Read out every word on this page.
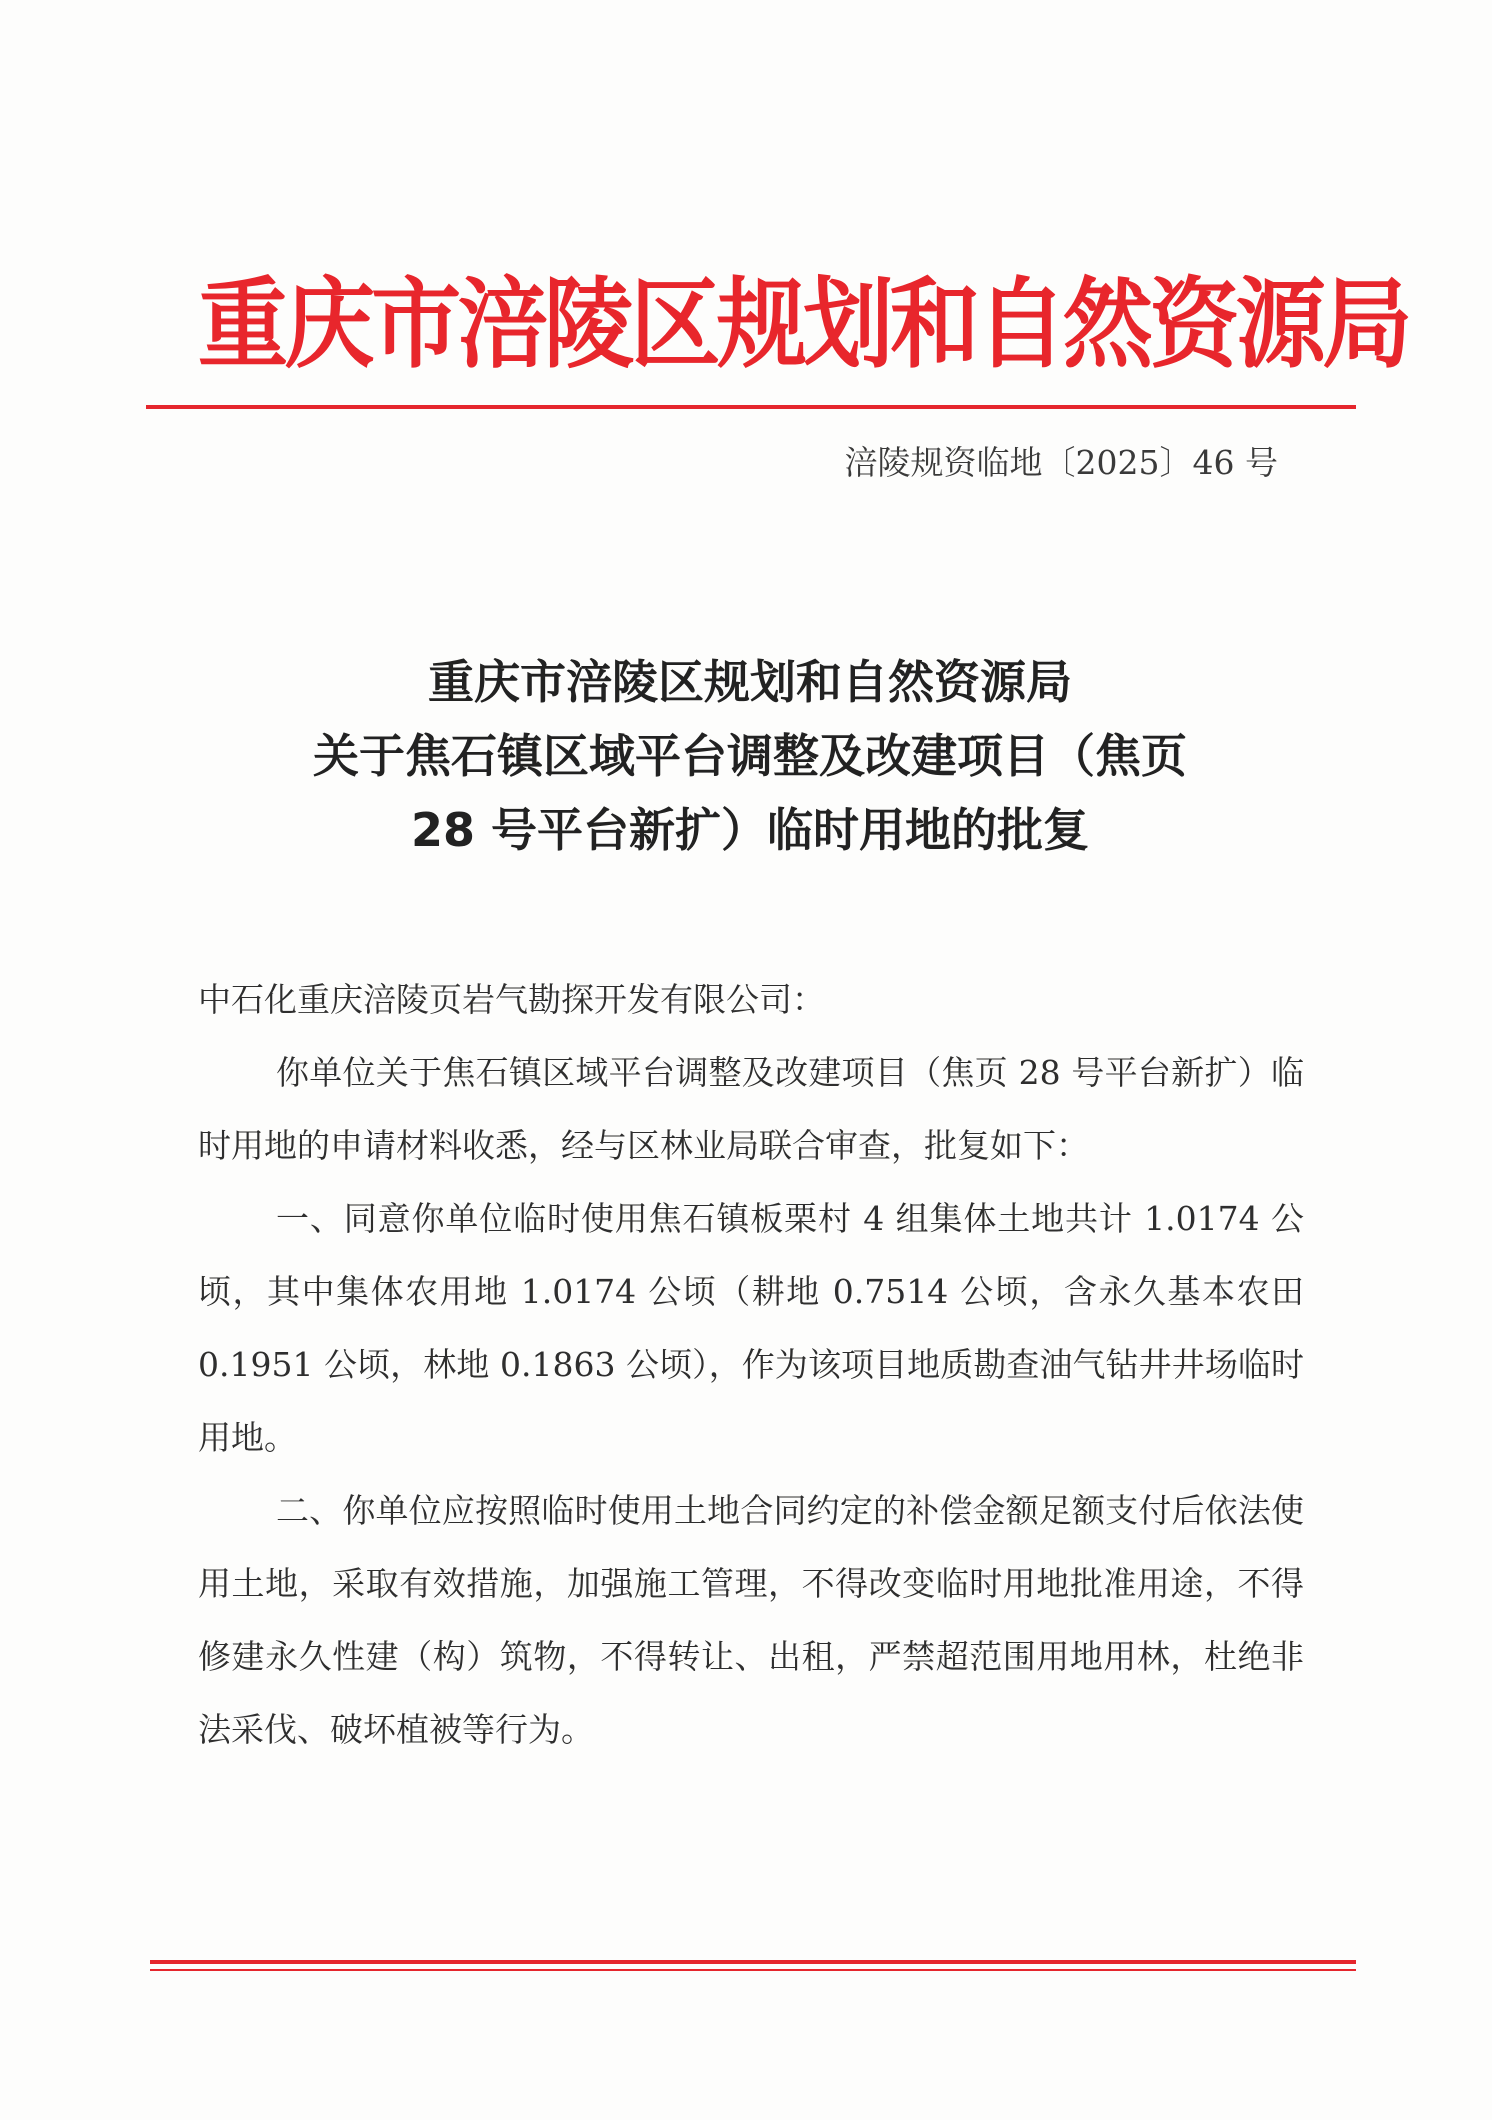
重庆市涪陵区规划和自然资源局
涪陵规资临地〔2025〕46 号
重庆市涪陵区规划和自然资源局
关于焦石镇区域平台调整及改建项目（焦页
28 号平台新扩）临时用地的批复

中石化重庆涪陵页岩气勘探开发有限公司：

你单位关于焦石镇区域平台调整及改建项目（焦页 28 号平台新扩）临时用地的申请材料收悉，经与区林业局联合审查，批复如下：

一、同意你单位临时使用焦石镇板栗村 4 组集体土地共计 1.0174 公顷，其中集体农用地 1.0174 公顷（耕地 0.7514 公顷，含永久基本农田 0.1951 公顷，林地 0.1863 公顷），作为该项目地质勘查油气钻井井场临时用地。

二、你单位应按照临时使用土地合同约定的补偿金额足额支付后依法使用土地，采取有效措施，加强施工管理，不得改变临时用地批准用途，不得修建永久性建（构）筑物，不得转让、出租，严禁超范围用地用林，杜绝非法采伐、破坏植被等行为。
